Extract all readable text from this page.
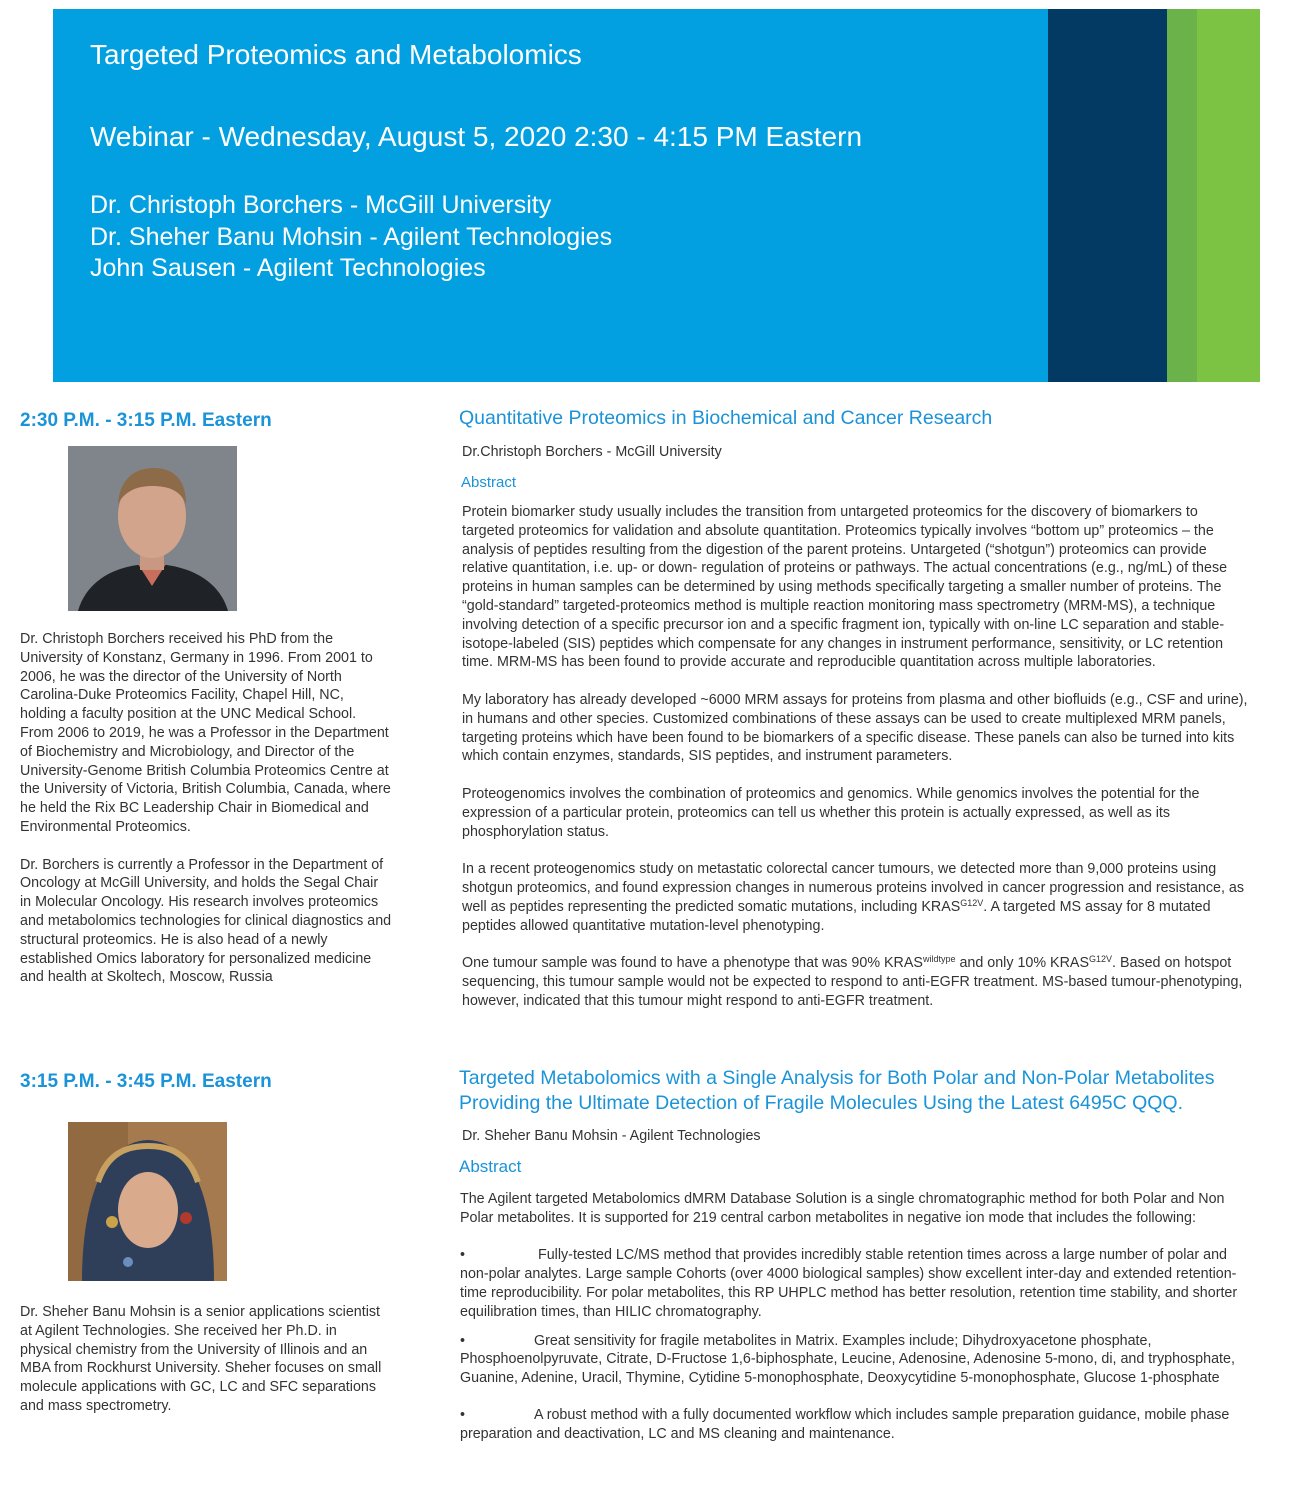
Targeted Proteomics and Metabolomics
Webinar - Wednesday, August 5, 2020 2:30 - 4:15 PM Eastern
Dr. Christoph Borchers - McGill University
Dr. Sheher Banu Mohsin - Agilent Technologies
John Sausen - Agilent Technologies
2:30 P.M. - 3:15 P.M. Eastern

Dr. Christoph Borchers received his PhD from the University of Konstanz, Germany in 1996. From 2001 to 2006, he was the director of the University of North Carolina-Duke Proteomics Facility, Chapel Hill, NC, holding a faculty position at the UNC Medical School. From 2006 to 2019, he was a Professor in the Department of Biochemistry and Microbiology, and Director of the University-Genome British Columbia Proteomics Centre at the University of Victoria, British Columbia, Canada, where he held the Rix BC Leadership Chair in Biomedical and Environmental Proteomics.

Dr. Borchers is currently a Professor in the Department of Oncology at McGill University, and holds the Segal Chair in Molecular Oncology. His research involves proteomics and metabolomics technologies for clinical diagnostics and structural proteomics. He is also head of a newly established Omics laboratory for personalized medicine and health at Skoltech, Moscow, Russia

Quantitative Proteomics in Biochemical and Cancer Research
Dr.Christoph Borchers - McGill University
Abstract

Protein biomarker study usually includes the transition from untargeted proteomics for the discovery of biomarkers to targeted proteomics for validation and absolute quantitation. Proteomics typically involves “bottom up” proteomics – the analysis of peptides resulting from the digestion of the parent proteins. Untargeted (“shotgun”) proteomics can provide relative quantitation, i.e. up- or down- regulation of proteins or pathways. The actual concentrations (e.g., ng/mL) of these proteins in human samples can be determined by using methods specifically targeting a smaller number of proteins. The “gold-standard” targeted-proteomics method is multiple reaction monitoring mass spectrometry (MRM-MS), a technique involving detection of a specific precursor ion and a specific fragment ion, typically with on-line LC separation and stable-isotope-labeled (SIS) peptides which compensate for any changes in instrument performance, sensitivity, or LC retention time. MRM-MS has been found to provide accurate and reproducible quantitation across multiple laboratories.

My laboratory has already developed ~6000 MRM assays for proteins from plasma and other biofluids (e.g., CSF and urine), in humans and other species. Customized combinations of these assays can be used to create multiplexed MRM panels, targeting proteins which have been found to be biomarkers of a specific disease. These panels can also be turned into kits which contain enzymes, standards, SIS peptides, and instrument parameters.

Proteogenomics involves the combination of proteomics and genomics. While genomics involves the potential for the expression of a particular protein, proteomics can tell us whether this protein is actually expressed, as well as its phosphorylation status.

In a recent proteogenomics study on metastatic colorectal cancer tumours, we detected more than 9,000 proteins using shotgun proteomics, and found expression changes in numerous proteins involved in cancer progression and resistance, as well as peptides representing the predicted somatic mutations, including $KRAS^{G12V}$. A targeted MS assay for 8 mutated peptides allowed quantitative mutation-level phenotyping.

One tumour sample was found to have a phenotype that was 90% $KRAS^{wildtype}$ and only 10% $KRAS^{G12V}$. Based on hotspot sequencing, this tumour sample would not be expected to respond to anti-EGFR treatment. MS-based tumour-phenotyping, however, indicated that this tumour might respond to anti-EGFR treatment.

3:15 P.M. - 3:45 P.M. Eastern
Dr. Sheher Banu Mohsin is a senior applications scientist at Agilent Technologies. She received her Ph.D. in physical chemistry from the University of Illinois and an MBA from Rockhurst University. Sheher focuses on small molecule applications with GC, LC and SFC separations and mass spectrometry.
Targeted Metabolomics with a Single Analysis for Both Polar and Non-Polar Metabolites Providing the Ultimate Detection of Fragile Molecules Using the Latest 6495C QQQ.
Dr. Sheher Banu Mohsin - Agilent Technologies
Abstract

The Agilent targeted Metabolomics dMRM Database Solution is a single chromatographic method for both Polar and Non Polar metabolites. It is supported for 219 central carbon metabolites in negative ion mode that includes the following:

•	Fully-tested LC/MS method that provides incredibly stable retention times across a large number of polar and non-polar analytes. Large sample Cohorts (over 4000 biological samples) show excellent inter-day and extended retention-time reproducibility. For polar metabolites, this RP UHPLC method has better resolution, retention time stability, and shorter equilibration times, than HILIC chromatography.
•	Great sensitivity for fragile metabolites in Matrix. Examples include; Dihydroxyacetone phosphate, Phosphoenolpyruvate, Citrate, D-Fructose 1,6-biphosphate, Leucine, Adenosine, Adenosine 5-mono, di, and tryphosphate, Guanine, Adenine, Uracil, Thymine, Cytidine 5-monophosphate, Deoxycytidine 5-monophosphate, Glucose 1-phosphate
•	A robust method with a fully documented workflow which includes sample preparation guidance, mobile phase preparation and deactivation, LC and MS cleaning and maintenance.
